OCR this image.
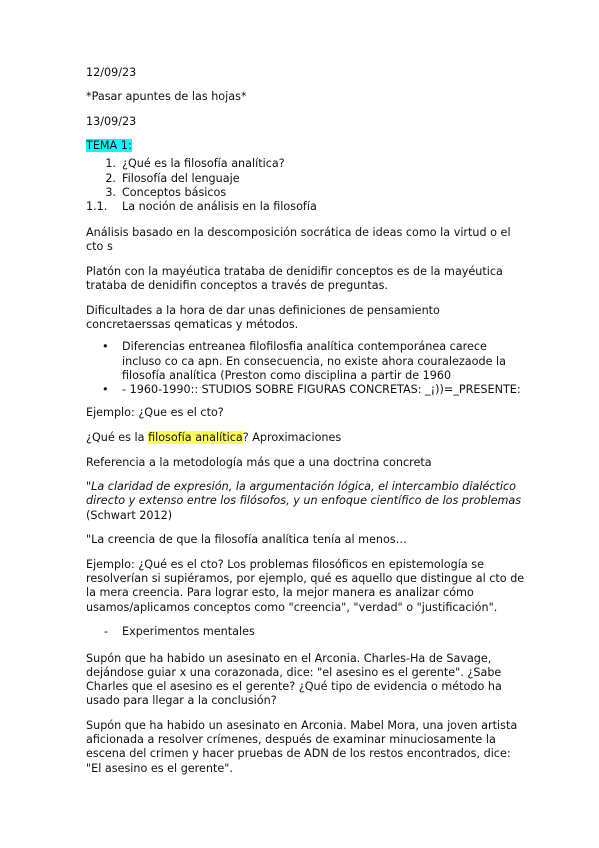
12/09/23

*Pasar apuntes de las hojas*

13/09/23

TEMA 1:

1. ¿Qué es la filosofía analítica?
2. Filosofía del lenguaje
3. Conceptos básicos
1.1.	La noción de análisis en la filosofía

Análisis basado en la descomposición socrática de ideas como la virtud o el cto s

Platón con la mayéutica trataba de denidifir conceptos es de la mayéutica trataba de denidifin conceptos a través de preguntas.

Dificultades a la hora de dar unas definiciones de pensamiento concretaerssas qematicas y métodos.

•	Diferencias entreanea filofilosfia analítica contemporánea carece incluso co ca apn. En consecuencia, no existe ahora couralezaode la filosofía analítica (Preston como disciplina a partir de 1960
•	- 1960-1990:: STUDIOS SOBRE FIGURAS CONCRETAS: _¡))=_PRESENTE:

Ejemplo: ¿Que es el cto?

¿Qué es la filosofía analítica? Aproximaciones

Referencia a la metodología más que a una doctrina concreta

"La claridad de expresión, la argumentación lógica, el intercambio dialéctico directo y extenso entre los filósofos, y un enfoque científico de los problemas (Schwart 2012)

"La creencia de que la filosofía analítica tenía al menos…

Ejemplo: ¿Qué es el cto? Los problemas filosóficos en epistemología se resolverían si supiéramos, por ejemplo, qué es aquello que distingue al cto de la mera creencia. Para lograr esto, la mejor manera es analizar cómo usamos/aplicamos conceptos como "creencia", "verdad" o "justificación".

-	Experimentos mentales

Supón que ha habido un asesinato en el Arconia. Charles-Ha de Savage, dejándose guiar x una corazonada, dice: "el asesino es el gerente". ¿Sabe Charles que el asesino es el gerente? ¿Qué tipo de evidencia o método ha usado para llegar a la conclusión?

Supón que ha habido un asesinato en Arconia. Mabel Mora, una joven artista aficionada a resolver crímenes, después de examinar minuciosamente la escena del crimen y hacer pruebas de ADN de los restos encontrados, dice: "El asesino es el gerente".
